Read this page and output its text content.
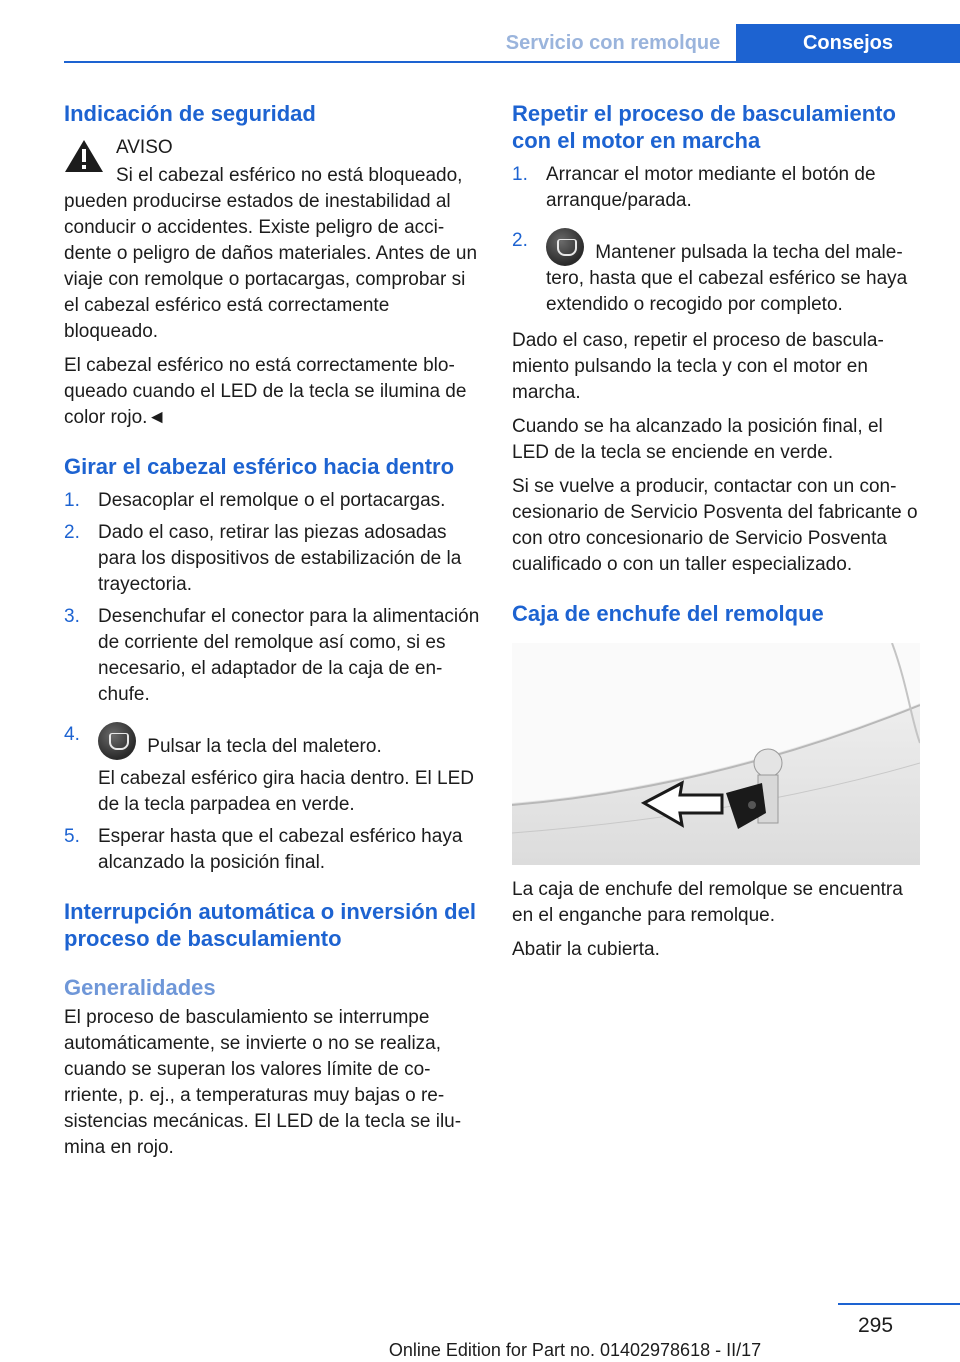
Servicio con remolque	Consejos
Indicación de seguridad

AVISO

Si el cabezal esférico no está bloqueado, pueden producirse estados de inestabilidad al conducir o accidentes. Existe peligro de accidente o peligro de daños materiales. Antes de un viaje con remolque o portacargas, comprobar si el cabezal esférico está correctamente bloqueado.

El cabezal esférico no está correctamente bloqueado cuando el LED de la tecla se ilumina de color rojo.◄

Girar el cabezal esférico hacia dentro
1. Desacoplar el remolque o el portacargas.
2. Dado el caso, retirar las piezas adosadas para los dispositivos de estabilización de la trayectoria.
3. Desenchufar el conector para la alimentación de corriente del remolque así como, si es necesario, el adaptador de la caja de enchufe.
4.
Pulsar la tecla del maletero.
El cabezal esférico gira hacia dentro. El LED de la tecla parpadea en verde.
5. Esperar hasta que el cabezal esférico haya alcanzado la posición final.
Interrupción automática o inversión del proceso de basculamiento
Generalidades

El proceso de basculamiento se interrumpe automáticamente, se invierte o no se realiza, cuando se superan los valores límite de corriente, p. ej., a temperaturas muy bajas o resistencias mecánicas. El LED de la tecla se ilumina en rojo.

Repetir el proceso de basculamiento con el motor en marcha
1. Arrancar el motor mediante el botón de arranque/parada.
2.
Mantener pulsada la techa del maletero, hasta que el cabezal esférico se haya extendido o recogido por completo.

Dado el caso, repetir el proceso de basculamiento pulsando la tecla y con el motor en marcha.

Cuando se ha alcanzado la posición final, el LED de la tecla se enciende en verde.

Si se vuelve a producir, contactar con un concesionario de Servicio Posventa del fabricante o con otro concesionario de Servicio Posventa cualificado o con un taller especializado.

Caja de enchufe del remolque

La caja de enchufe del remolque se encuentra en el enganche para remolque.

Abatir la cubierta.

295
Online Edition for Part no. 01402978618 - II/17
